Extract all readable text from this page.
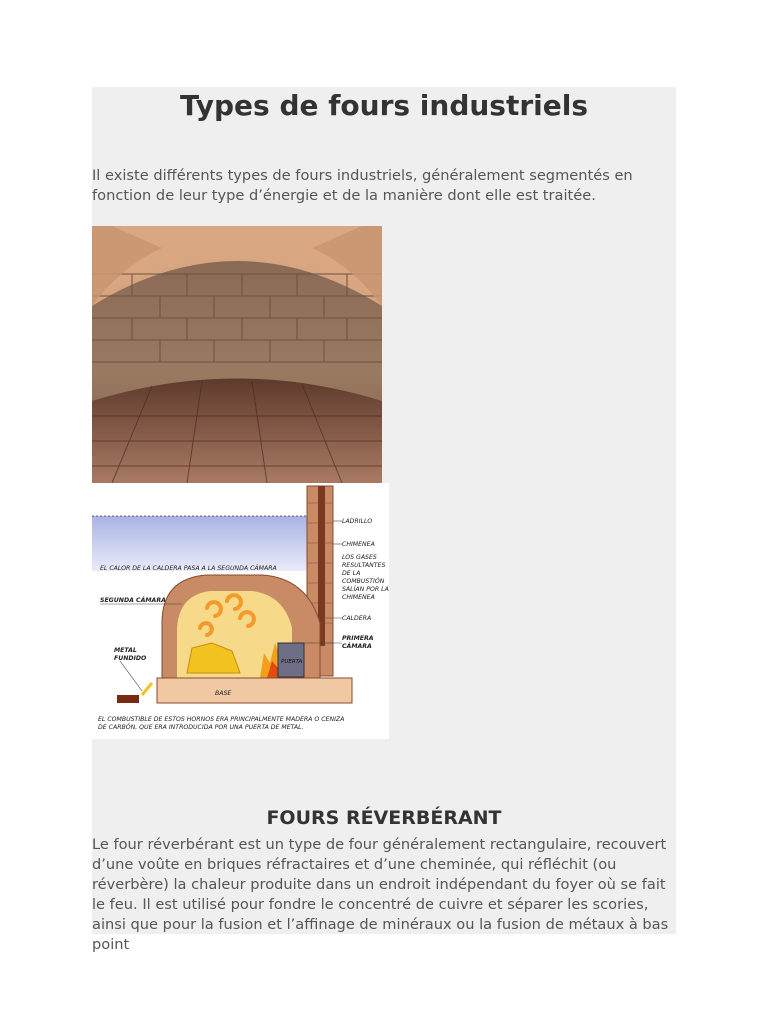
Types de fours industriels

Il existe différents types de fours industriels, généralement segmentés en fonction de leur type d’énergie et de la manière dont elle est traitée.

LADRILLO
CHIMENEA
LOS GASES
RESULTANTES
DE LA
COMBUSTIÓN
SALÍAN POR LA
CHIMENEA
CALDERA
PRIMERA
CÁMARA
EL CALOR DE LA CALDERA PASA A LA SEGUNDA CÁMARA
SEGUNDA CÁMARA
METAL
FUNDIDO
BASE
EL COMBUSTIBLE DE ESTOS HORNOS ERA PRINCIPALMENTE MADERA O CENIZA
DE CARBÓN, QUE ERA INTRODUCIDA POR UNA PUERTA DE METAL.
PUERTA
FOURS RÉVERBÉRANT

Le four réverbérant est un type de four généralement rectangulaire, recouvert d’une voûte en briques réfractaires et d’une cheminée, qui réfléchit (ou réverbère) la chaleur produite dans un endroit indépendant du foyer où se fait le feu. Il est utilisé pour fondre le concentré de cuivre et séparer les scories, ainsi que pour la fusion et l’affinage de minéraux ou la fusion de métaux à bas point
